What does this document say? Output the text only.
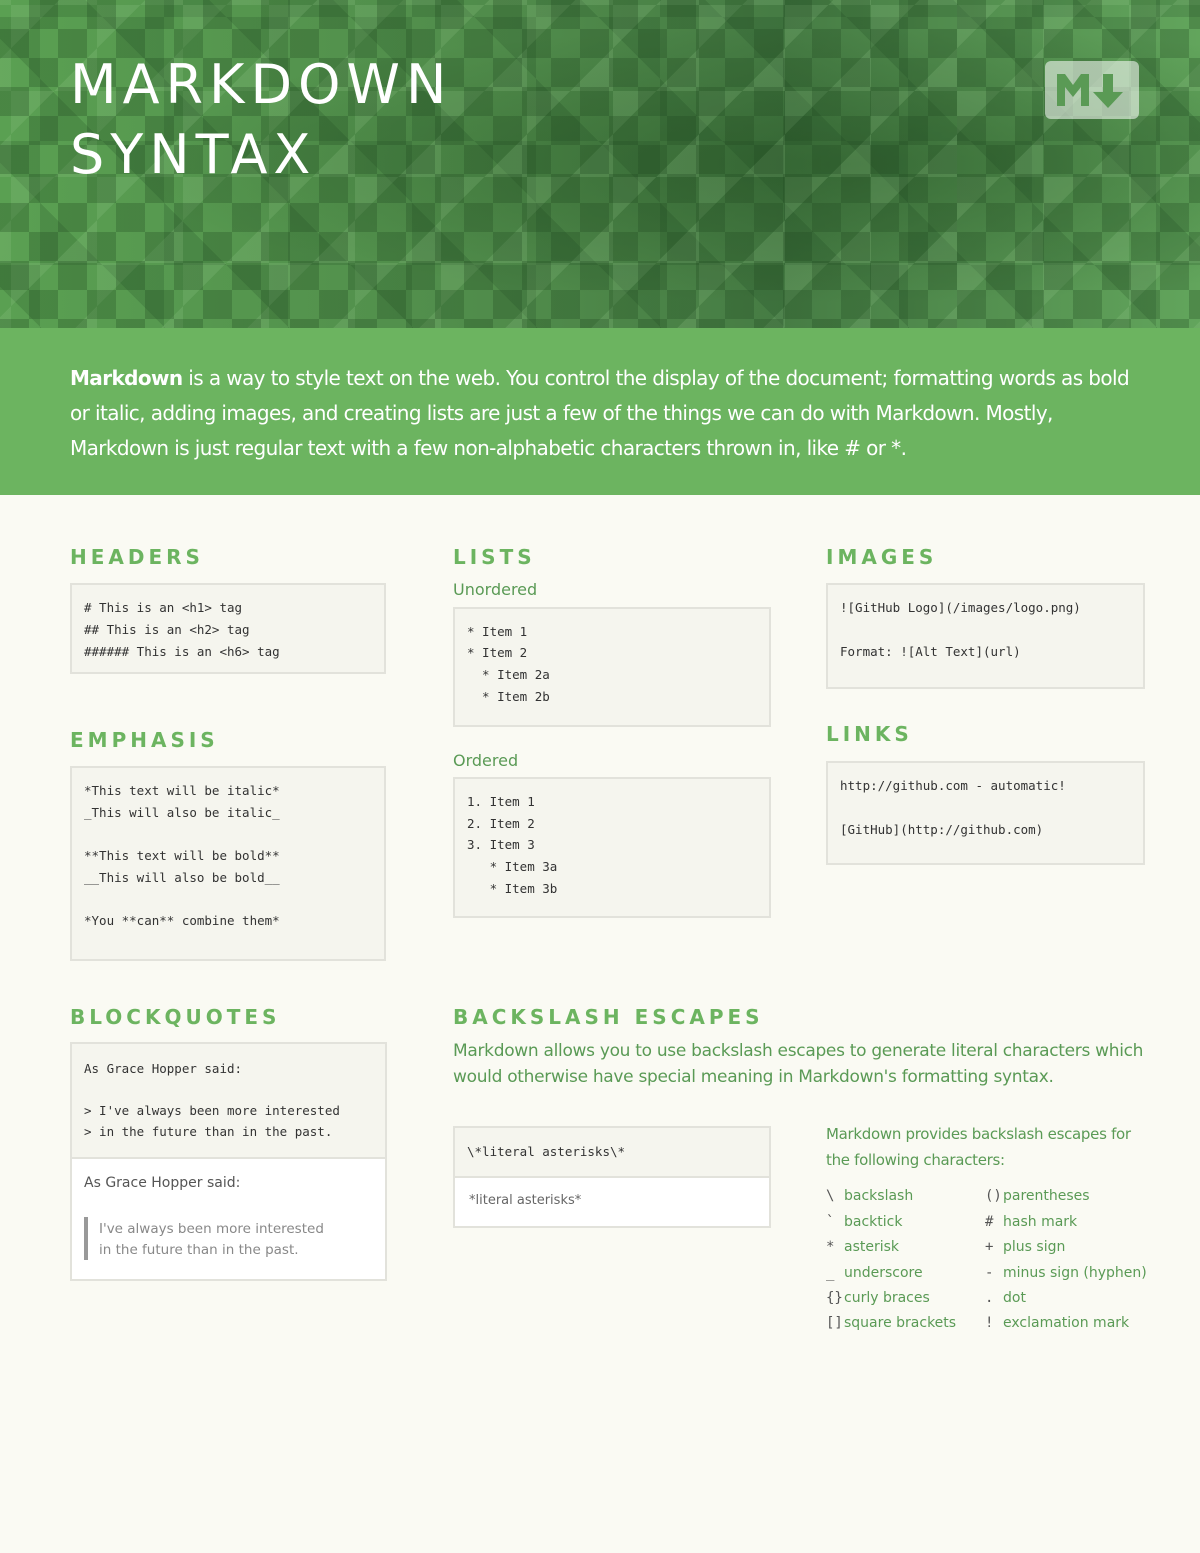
MARKDOWN
SYNTAX

Markdown is a way to style text on the web. You control the display of the document; formatting words as bold or italic, adding images, and creating lists are just a few of the things we can do with Markdown. Mostly, Markdown is just regular text with a few non-alphabetic characters thrown in, like # or *.

HEADERS
# This is an <h1> tag
## This is an <h2> tag
###### This is an <h6> tag
EMPHASIS
*This text will be italic*
_This will also be italic_
**This text will be bold**
__This will also be bold__
*You **can** combine them*
BLOCKQUOTES
As Grace Hopper said:
> I've always been more interested
> in the future than in the past.
As Grace Hopper said:
I've always been more interested
in the future than in the past.
LISTS
Unordered
* Item 1
* Item 2
* Item 2a
* Item 2b
Ordered
1. Item 1
2. Item 2
3. Item 3
* Item 3a
* Item 3b
IMAGES
![GitHub Logo](/images/logo.png)
Format: ![Alt Text](url)
LINKS
http://github.com - automatic!
[GitHub](http://github.com)
BACKSLASH ESCAPES

Markdown allows you to use backslash escapes to generate literal characters which would otherwise have special meaning in Markdown's formatting syntax.

\*literal asterisks\*
*literal asterisks*

Markdown provides backslash escapes for the following characters:

\ backslash
` backtick
* asterisk
_ underscore
{} curly braces
[] square brackets
() parentheses
# hash mark
+ plus sign
- minus sign (hyphen)
. dot
! exclamation mark
